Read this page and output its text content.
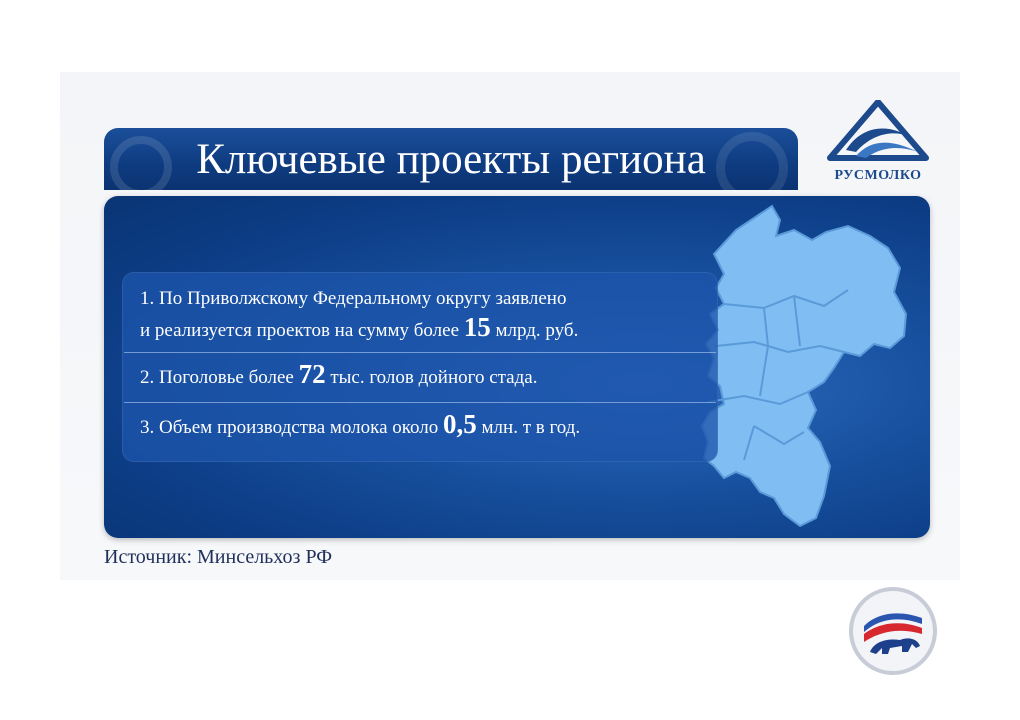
Ключевые проекты региона	РУСМОЛКО
1. По Приволжскому Федеральному округу заявлено
и реализуется проектов на сумму более 15 млрд. руб.
2. Поголовье более 72 тыс. голов дойного стада.
3. Объем производства молока около 0,5 млн. т в год.
Источник: Минсельхоз РФ
